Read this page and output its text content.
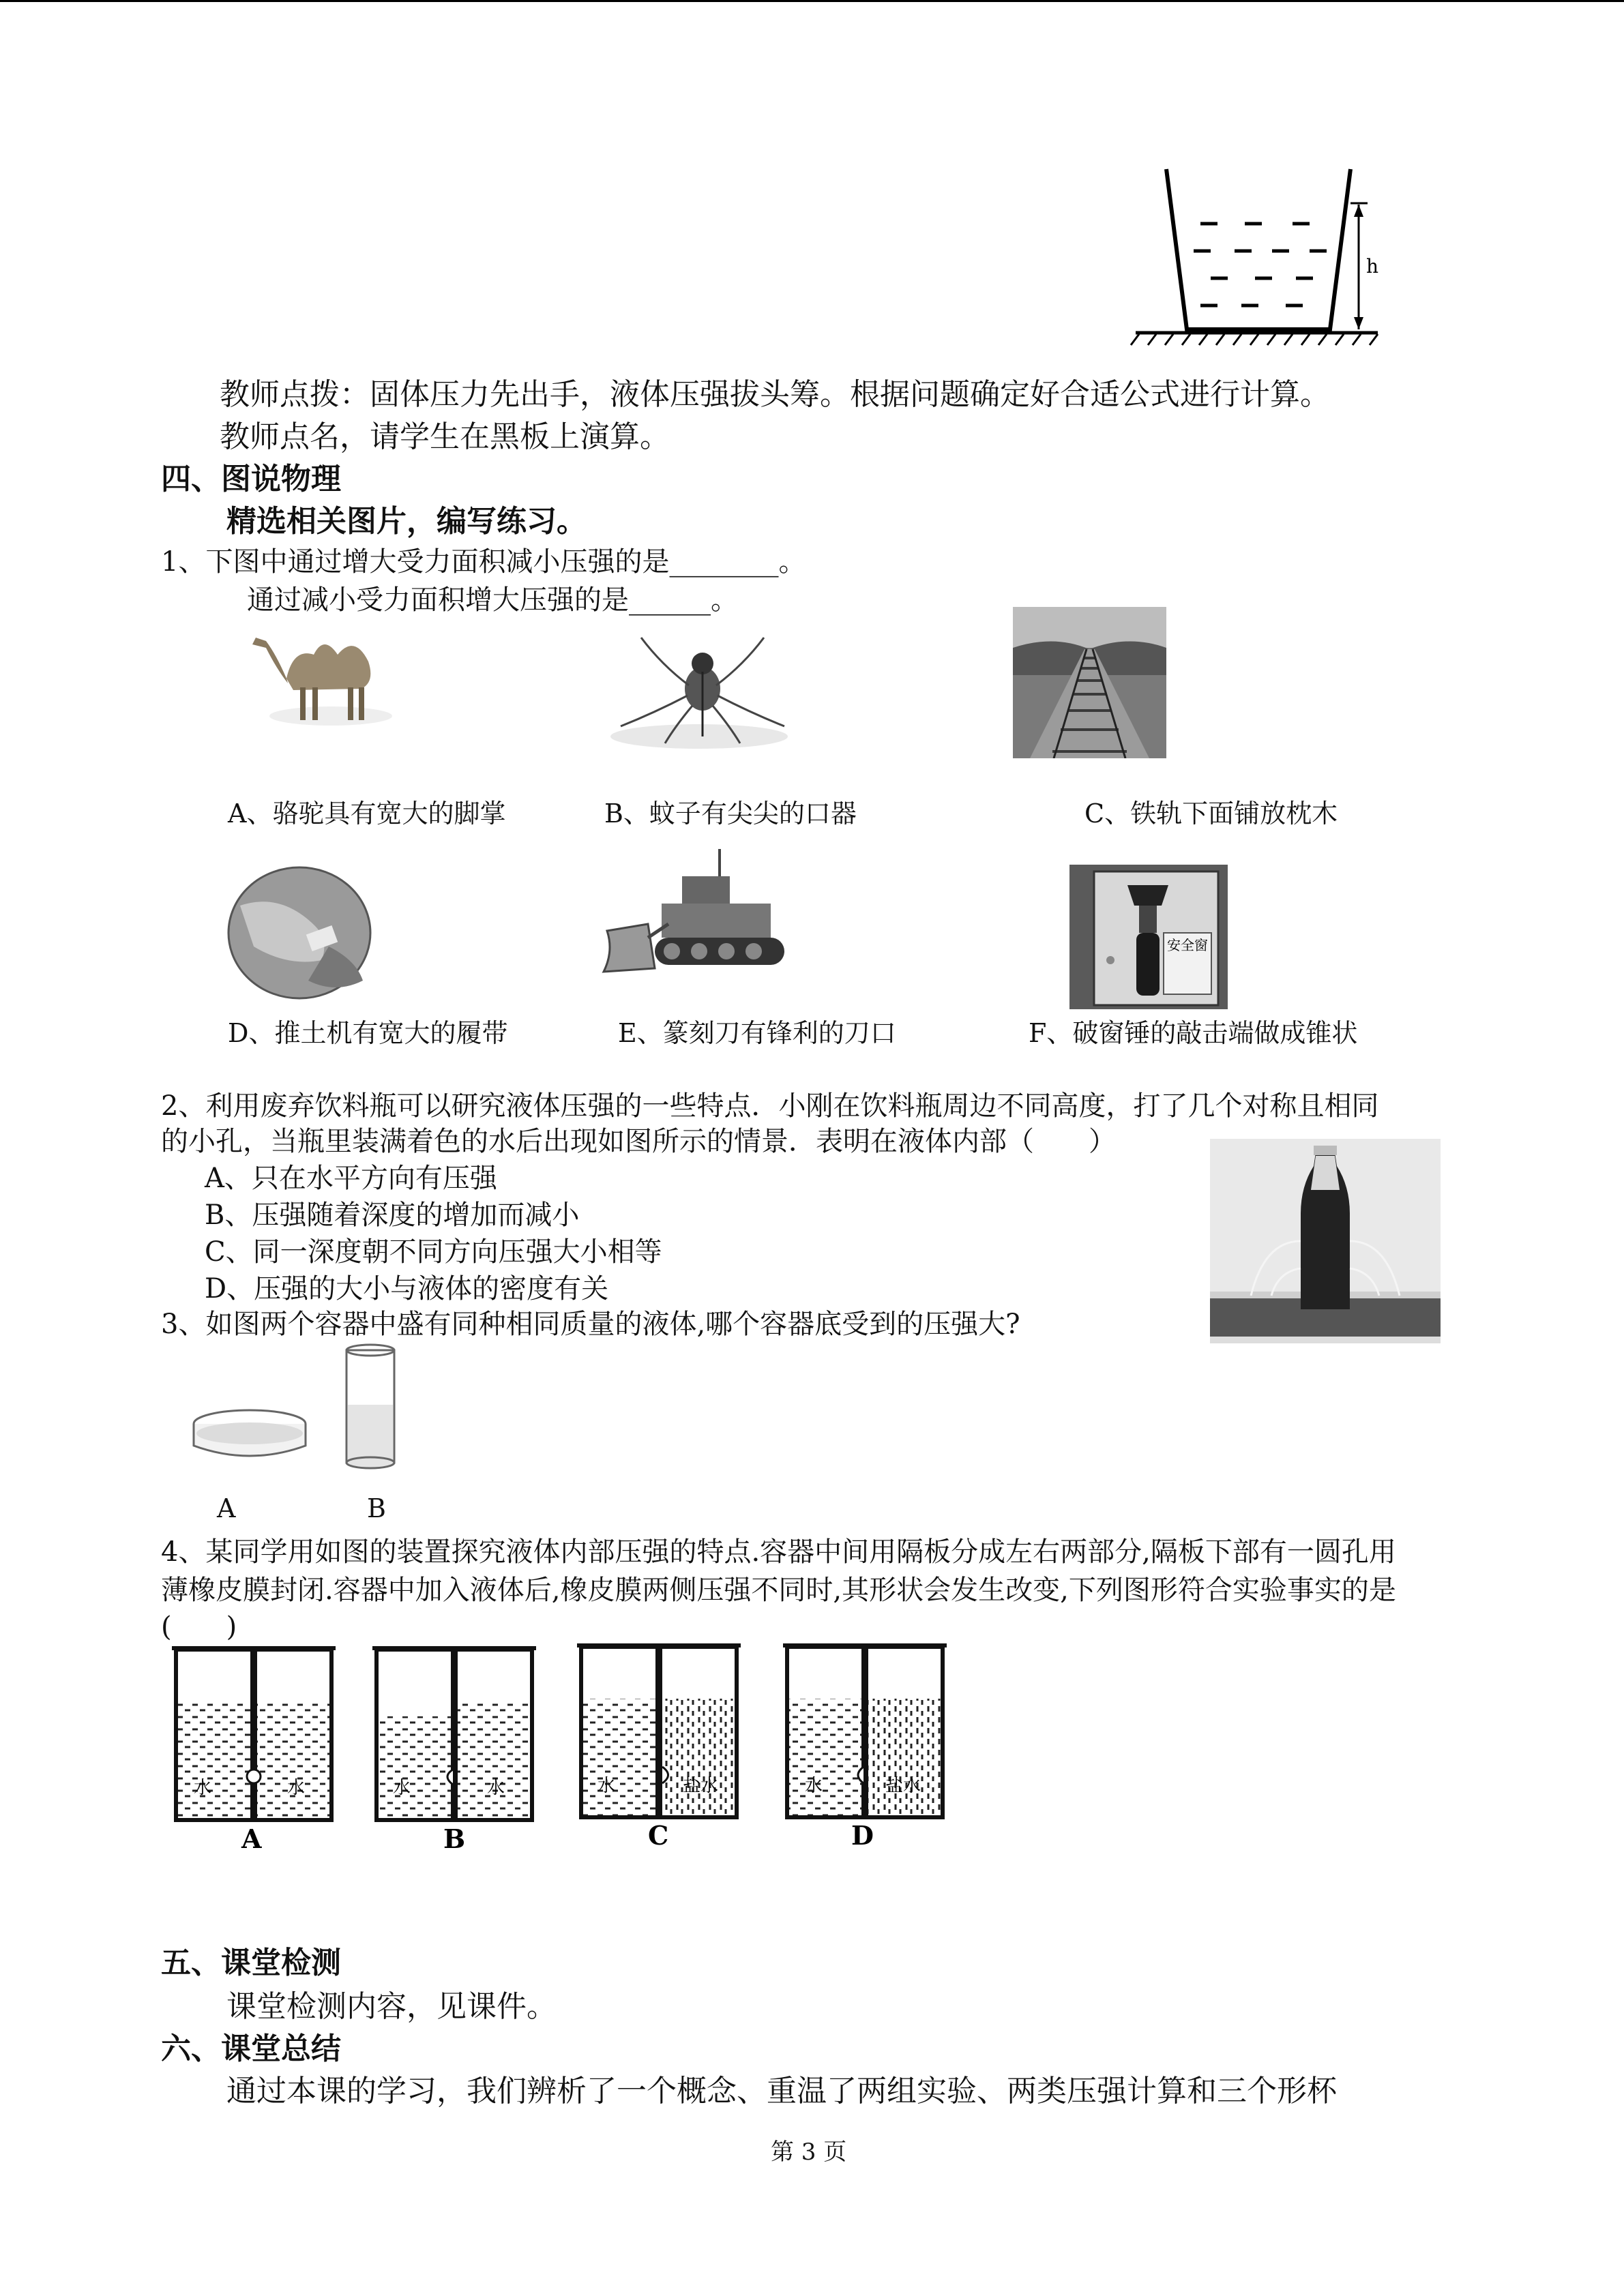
h
教师点拨：固体压力先出手，液体压强拔头筹。根据问题确定好合适公式进行计算。
教师点名，请学生在黑板上演算。
四、图说物理
精选相关图片，编写练习。
1、下图中通过增大受力面积减小压强的是________。
通过减小受力面积增大压强的是______。
A、骆驼具有宽大的脚掌	B、蚊子有尖尖的口器	C、铁轨下面铺放枕木
安全窗
D、推土机有宽大的履带	E、篆刻刀有锋利的刀口	F、破窗锤的敲击端做成锥状
2、利用废弃饮料瓶可以研究液体压强的一些特点．小刚在饮料瓶周边不同高度，打了几个对称且相同
的小孔，当瓶里装满着色的水后出现如图所示的情景．表明在液体内部（　　）
A、只在水平方向有压强
B、压强随着深度的增加而减小
C、同一深度朝不同方向压强大小相等
D、压强的大小与液体的密度有关
3、如图两个容器中盛有同种相同质量的液体,哪个容器底受到的压强大?
A	B
4、某同学用如图的装置探究液体内部压强的特点.容器中间用隔板分成左右两部分,隔板下部有一圆孔用
薄橡皮膜封闭.容器中加入液体后,橡皮膜两侧压强不同时,其形状会发生改变,下列图形符合实验事实的是
(　　)
水	水
A
水	水
B
水	盐水
C
水	盐水
D
五、课堂检测
课堂检测内容，见课件。
六、课堂总结
通过本课的学习，我们辨析了一个概念、重温了两组实验、两类压强计算和三个形杯
第 3 页
